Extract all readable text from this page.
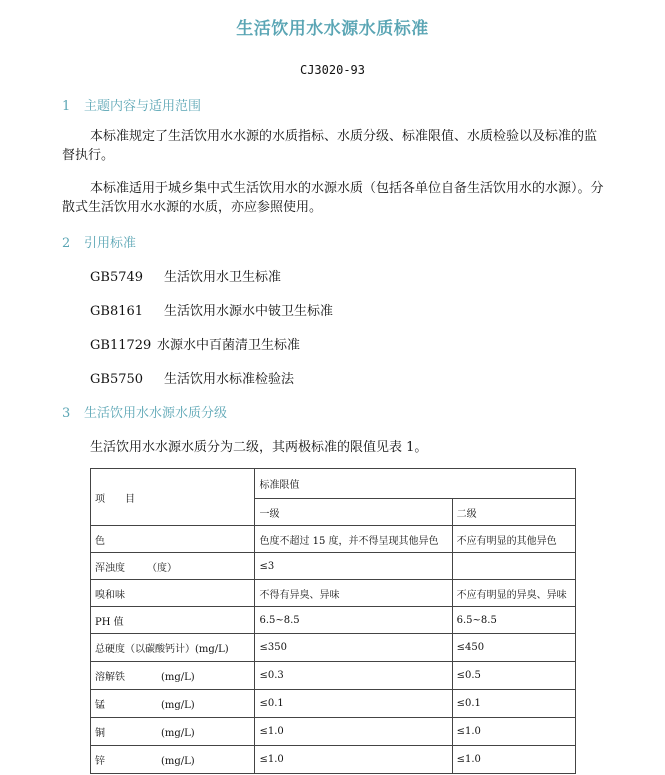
生活饮用水水源水质标准
CJ3020-93
1 主题内容与适用范围
本标准规定了生活饮用水水源的水质指标、水质分级、标准限值、水质检验以及标准的监督执行。
本标准适用于城乡集中式生活饮用水的水源水质（包括各单位自备生活饮用水的水源）。分散式生活饮用水水源的水质，亦应参照使用。
2 引用标准
GB5749 生活饮用水卫生标准
GB8161 生活饮用水源水中铍卫生标准
GB11729 水源水中百菌清卫生标准
GB5750 生活饮用水标准检验法
3 生活饮用水水源水质分级
生活饮用水水源水质分为二级，其两极标准的限值见表 1。
项　　目	标准限值	
	一级	二级
色	色度不超过 15 度，并不得呈现其他异色	不应有明显的其他异色
浑浊度 （度）	≤3	
嗅和味	不得有异臭、异味	不应有明显的异臭、异味
PH 值	6.5~8.5	6.5~8.5
总硬度（以碳酸钙计）(mg/L)	≤350	≤450
溶解铁 (mg/L)	≤0.3	≤0.5
锰 (mg/L)	≤0.1	≤0.1
铜 (mg/L)	≤1.0	≤1.0
锌 (mg/L)	≤1.0	≤1.0
